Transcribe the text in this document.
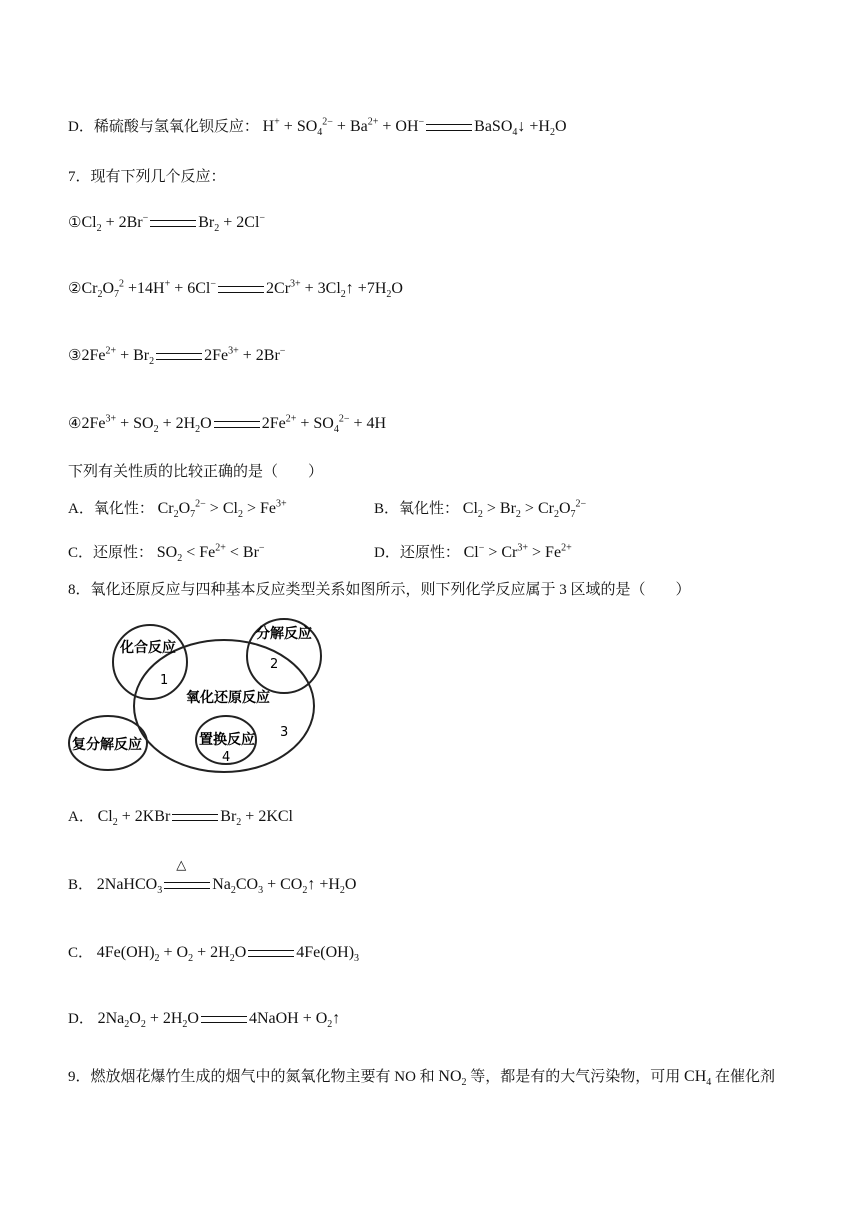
D．稀硫酸与氢氧化钡反应： $H^+ + SO_4^{2-} + Ba^{2+} + OH^-$	BaSO$_4$↓ $+H_2O$
7．现有下列几个反应：
$①Cl_2 + 2Br^-$	$Br_2 + 2Cl^-$
$②Cr_2O_7^2 +14H^+ + 6Cl^-$	$2Cr^{3+}$ + $3Cl_2↑ +7H_2O$
$③2Fe^{2+} + Br_2$	$2Fe^{3+} + 2Br^-$
$④2Fe^{3+} + SO_2 + 2H_2O$	$2Fe^{2+} + SO_4^{2-} + 4H$
下列有关性质的比较正确的是（　　）
A．氧化性： $Cr_2O_7^{2-} > Cl_2 > Fe^{3+}$	B．氧化性： $Cl_2 > Br_2 > Cr_2O_7^{2-}$
C．还原性： $SO_2 < Fe^{2+} < Br^-$	D．还原性： $Cl^- > Cr^{3+} > Fe^{2+}$
8．氧化还原反应与四种基本反应类型关系如图所示，则下列化学反应属于 3 区域的是（　　）
化合反应
1
分解反应
2
氧化还原反应
3
复分解反应	置换反应
4
A． $Cl_2 + 2KBr$	$Br_2 + 2KCl$
B． 2NaHCO$_3$
△
$Na_2CO_3$ + $CO_2↑ +H_2O$
C． $4Fe(OH)_2 + O_2 + 2H_2O$	$4Fe(OH)_3$
D． $2Na_2O_2 + 2H_2O$	4NaOH + $O_2↑$
9．燃放烟花爆竹生成的烟气中的氮氧化物主要有 NO 和 $NO_2$ 等，都是有的大气污染物，可用 $CH_4$ 在催化剂
